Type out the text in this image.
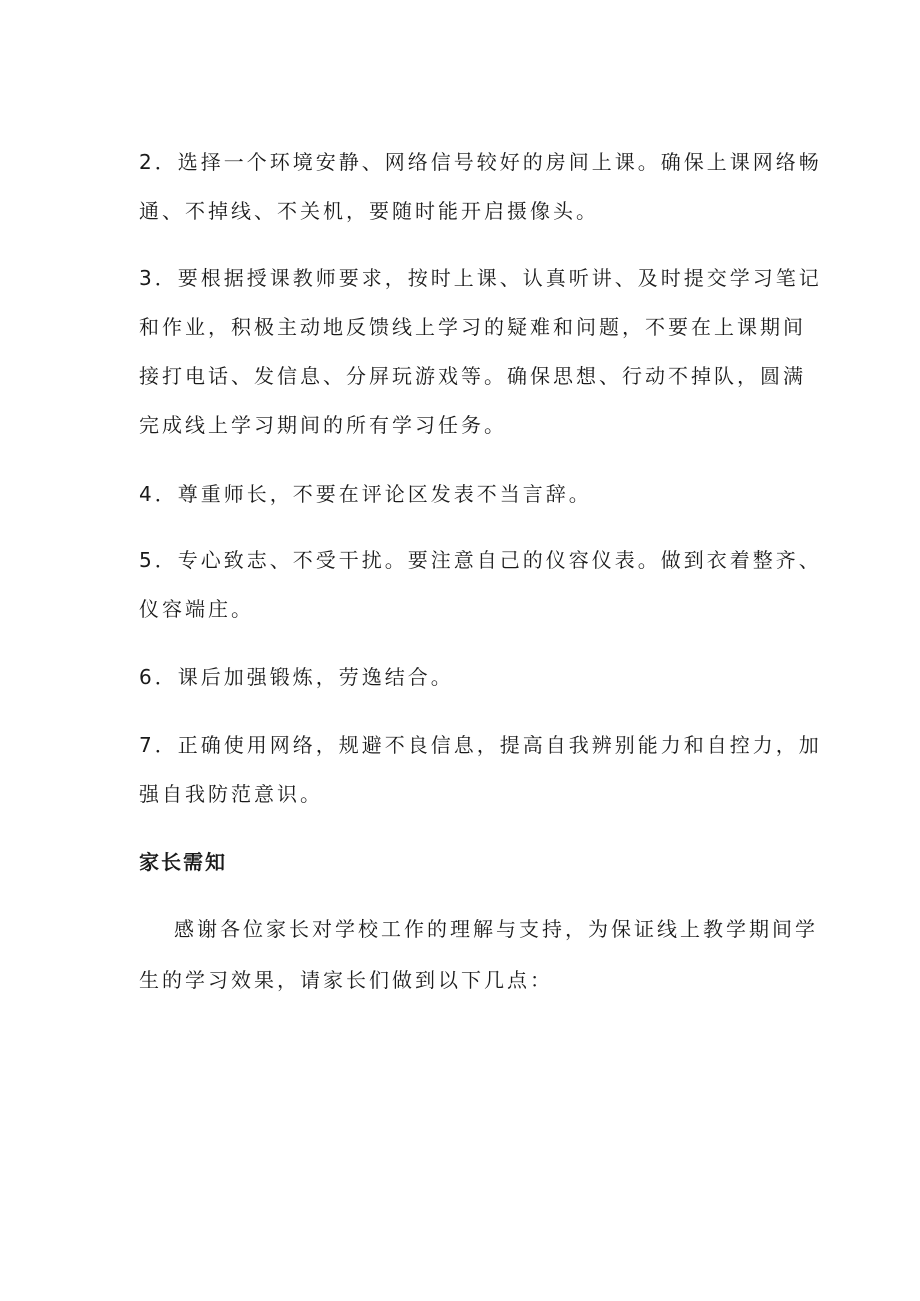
2．选择一个环境安静、网络信号较好的房间上课。确保上课网络畅
通、不掉线、不关机，要随时能开启摄像头。
3．要根据授课教师要求，按时上课、认真听讲、及时提交学习笔记
和作业，积极主动地反馈线上学习的疑难和问题，不要在上课期间
接打电话、发信息、分屏玩游戏等。确保思想、行动不掉队，圆满
完成线上学习期间的所有学习任务。
4．尊重师长，不要在评论区发表不当言辞。
5．专心致志、不受干扰。要注意自己的仪容仪表。做到衣着整齐、
仪容端庄。
6．课后加强锻炼，劳逸结合。
7．正确使用网络，规避不良信息，提高自我辨别能力和自控力，加
强自我防范意识。
家长需知
感谢各位家长对学校工作的理解与支持，为保证线上教学期间学
生的学习效果，请家长们做到以下几点：
